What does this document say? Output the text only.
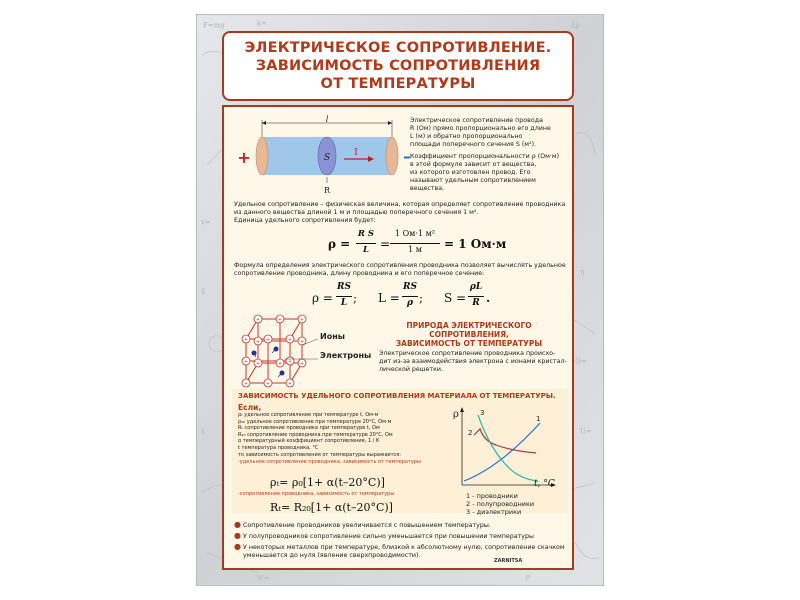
F=mg	k=	Δp
v=
E
η
Q=
λ	U=
W=	P
ЭЛЕКТРИЧЕСКОЕ СОПРОТИВЛЕНИЕ.
ЗАВИСИМОСТЬ СОПРОТИВЛЕНИЯ
ОТ ТЕМПЕРАТУРЫ
l
S	I
R
+	–
Электрическое сопротивление провода
R (Ом) прямо пропорционально его длине
L (м) и обратно пропорционально
площади поперечного сечения S (м²).
Коэффициент пропорциональности ρ (Ом·м)
в этой формуле зависит от вещества,
из которого изготовлен провод. Его
называют удельным сопротивлением
вещества.
Удельное сопротивление – физическая величина, которая определяет сопротивление проводника
из данного вещества длиной 1 м и площадью поперечного сечения 1 м².
Единица удельного сопротивления будет:
ρ =
R S
L =
1 Ом·1 м²
1 м	= 1 Ом·м
Формула определения электрического сопротивления проводника позволяет вычислять удельное
сопротивление проводника, длину проводника и его поперечное сечение:
ρ =
RS
L ; L =
RS
ρ ; S =
ρL
R .
+	+	+
+	+
+	+	+
+	+	+
+	+
+	+	+
Ионы
Электроны
ПРИРОДА ЭЛЕКТРИЧЕСКОГО СОПРОТИВЛЕНИЯ,
ЗАВИСИМОСТЬ ОТ ТЕМПЕРАТУРЫ
Электрическое сопротивление проводника происхо-
дит из-за взаимодействия электрона с ионами кристал-
лической решетки.
ЗАВИСИМОСТЬ УДЕЛЬНОГО СОПРОТИВЛЕНИЯ МАТЕРИАЛА ОТ ТЕМПЕРАТУРЫ.
Если,
ρₜ удельное сопротивление при температуре t, Ом·м
ρ₂₀ удельное сопротивление при температуре 20°С, Ом·м
Rₜ сопротивление проводника при температуре t, Ом
R₂₀ сопротивление проводника при температуре 20°С, Ом
α температурный коэффициент сопротивления, 1 / К
t температура проводника, °С
то зависимость сопротивления от температуры выражается:
-удельное сопротивление проводника, зависимость от температуры
ρₜ= ρ₀[1+ α(t–20°C)]
-сопротивление проводника, зависимость от температуры
Rₜ= R₂₀[1+ α(t–20°C)]
ρ	1
2
3
t, °C
1 - проводники
2 - полупроводники
3 - диэлектрики
● Сопротивление проводников увеличивается с повышением температуры.
● У полупроводников сопротивление сильно уменьшается при повышении температуры
● У некоторых металлов при температуре, близкой к абсолютному нулю, сопротивление скачком
уменьшается до нуля (явление сверхпроводимости).
ZARNITSA
